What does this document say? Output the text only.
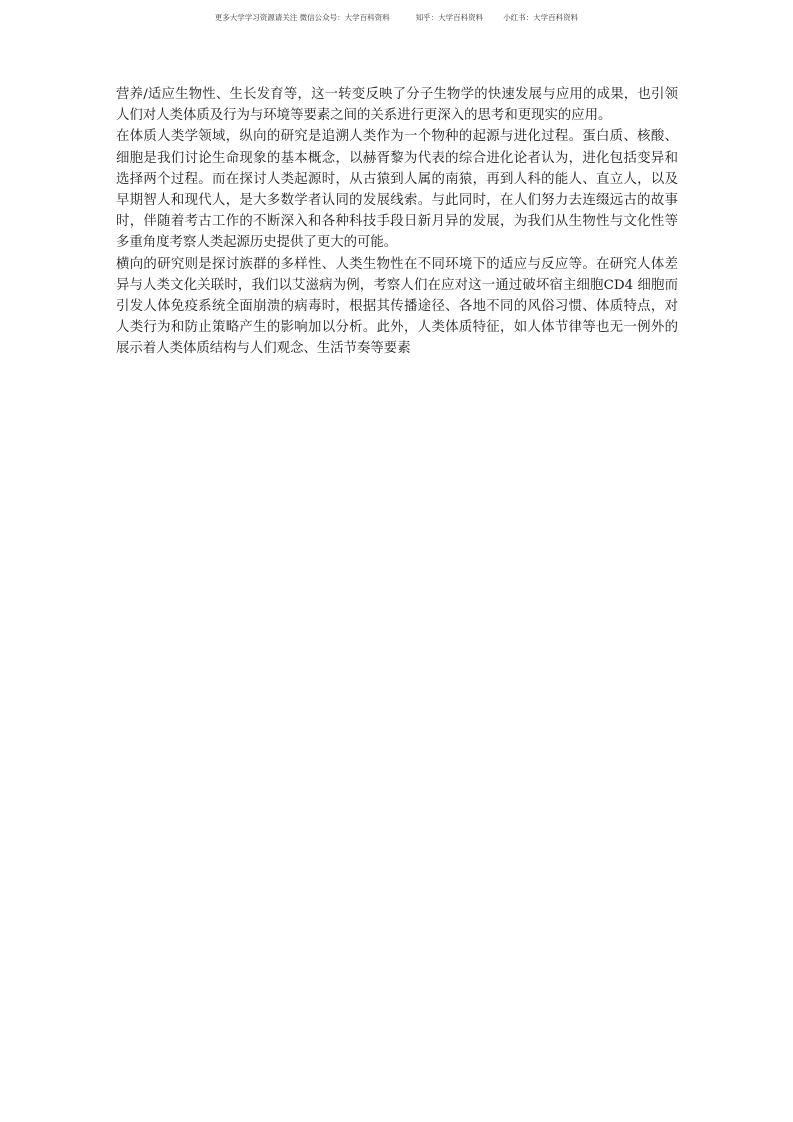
更多大学学习资源请关注 微信公众号：大学百科资料	知乎：大学百科资料	小红书：大学百科资料

营养/适应生物性、生长发育等，这一转变反映了分子生物学的快速发展与应用的成果，也引领人们对人类体质及行为与环境等要素之间的关系进行更深入的思考和更现实的应用。

在体质人类学领域，纵向的研究是追溯人类作为一个物种的起源与进化过程。蛋白质、核酸、细胞是我们讨论生命现象的基本概念，以赫胥黎为代表的综合进化论者认为，进化包括变异和选择两个过程。而在探讨人类起源时，从古猿到人属的南猿，再到人科的能人、直立人，以及早期智人和现代人，是大多数学者认同的发展线索。与此同时，在人们努力去连缀远古的故事时，伴随着考古工作的不断深入和各种科技手段日新月异的发展，为我们从生物性与文化性等多重角度考察人类起源历史提供了更大的可能。

横向的研究则是探讨族群的多样性、人类生物性在不同环境下的适应与反应等。在研究人体差异与人类文化关联时，我们以艾滋病为例，考察人们在应对这一通过破坏宿主细胞CD4 细胞而引发人体免疫系统全面崩溃的病毒时，根据其传播途径、各地不同的风俗习惯、体质特点，对人类行为和防止策略产生的影响加以分析。此外，人类体质特征，如人体节律等也无一例外的展示着人类体质结构与人们观念、生活节奏等要素
